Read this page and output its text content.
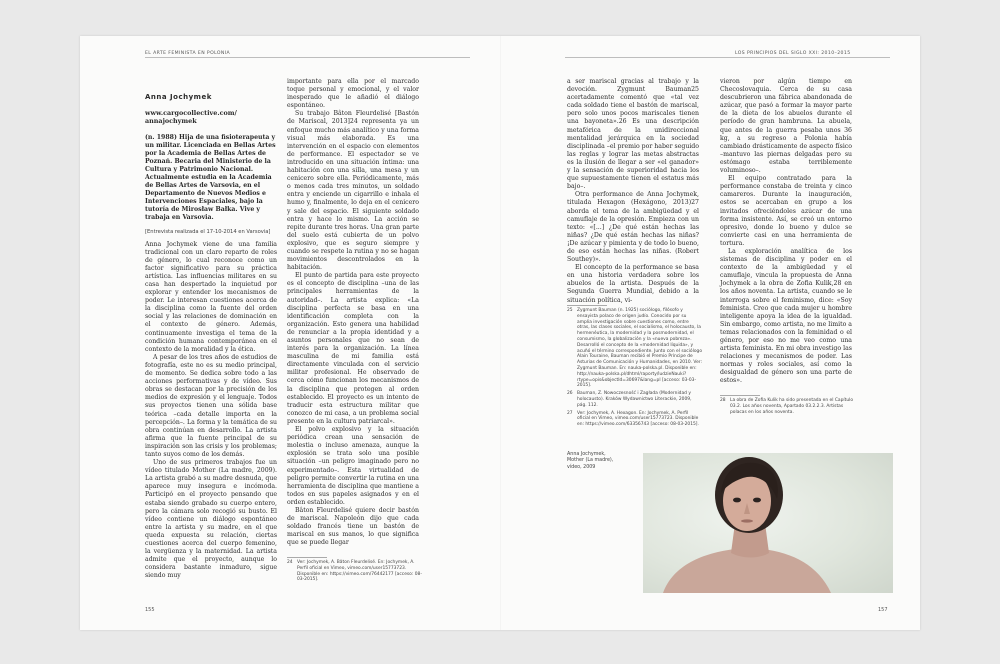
EL ARTE FEMINISTA EN POLONIA	LOS PRINCIPIOS DEL SIGLO XXI: 2010–2015
Anna Jochymek
www.cargocollective.com/
annajochymek
(n. 1988) Hija de una fisioterapeuta y un militar. Licenciada en Bellas Artes por la Academia de Bellas Artes de Poznań. Becaria del Ministerio de la Cultura y Patrimonio Nacional. Actualmente estudia en la Academia de Bellas Artes de Varsovia, en el Departamento de Nuevos Medios e Intervenciones Espaciales, bajo la tutoría de Mirosław Bałka. Vive y trabaja en Varsovia.
[Entrevista realizada el 17-10-2014 en Varsovia]

Anna Jochymek viene de una familia tradicional con un claro reparto de roles de género, lo cual reconoce como un factor significativo para su práctica artística. Las influencias militares en su casa han despertado la inquietud por explorar y entender los mecanismos de poder. Le interesan cuestiones acerca de la disciplina como la fuente del orden social y las relaciones de dominación en el contexto de género. Además, continuamente investiga el tema de la condición humana contemporánea en el contexto de la moralidad y la ética.

A pesar de los tres años de estudios de fotografía, este no es su medio principal, de momento. Se dedica sobre todo a las acciones performativas y de vídeo. Sus obras se destacan por la precisión de los medios de expresión y el lenguaje. Todos sus proyectos tienen una sólida base teórica –cada detalle importa en la percepción–. La forma y la temática de su obra continúan en desarrollo. La artista afirma que la fuente principal de su inspiración son las crisis y los problemas; tanto suyos como de los demás.

Uno de sus primeros trabajos fue un vídeo titulado Mother (La madre, 2009). La artista grabó a su madre desnuda, que aparece muy insegura e incómoda. Participó en el proyecto pensando que estaba siendo grabado su cuerpo entero, pero la cámara solo recogió su busto. El vídeo contiene un diálogo espontáneo entre la artista y su madre, en el que queda expuesta su relación, ciertas cuestiones acerca del cuerpo femenino, la vergüenza y la maternidad. La artista admite que el proyecto, aunque lo considera bastante inmaduro, sigue siendo muy

importante para ella por el marcado toque personal y emocional, y el valor inesperado que le añadió el diálogo espontáneo.

Su trabajo Bâton Fleurdelisé [Bastón de Mariscal, 2013]24 representa ya un enfoque mucho más analítico y una forma visual más elaborada. Es una intervención en el espacio con elementos de performance. El espectador se ve introducido en una situación íntima: una habitación con una silla, una mesa y un cenicero sobre ella. Periódicamente, más o menos cada tres minutos, un soldado entra y enciende un cigarrillo e inhala el humo y, finalmente, lo deja en el cenicero y sale del espacio. El siguiente soldado entra y hace lo mismo. La acción se repite durante tres horas. Una gran parte del suelo está cubierta de un polvo explosivo, que es seguro siempre y cuando se respete la rutina y no se hagan movimientos descontrolados en la habitación.

El punto de partida para este proyecto es el concepto de disciplina –una de las principales herramientas de la autoridad–. La artista explica: «La disciplina perfecta se basa en una identificación completa con la organización. Esto genera una habilidad de renunciar a la propia identidad y a asuntos personales que no sean de interés para la organización. La línea masculina de mi familia está directamente vinculada con el servicio militar profesional. He observado de cerca cómo funcionan los mecanismos de la disciplina que protegen al orden establecido. El proyecto es un intento de traducir esta estructura militar que conozco de mi casa, a un problema social presente en la cultura patriarcal».

El polvo explosivo y la situación periódica crean una sensación de molestia o incluso amenaza, aunque la explosión se trata solo una posible situación –un peligro imaginado pero no experimentado–. Esta virtualidad de peligro permite convertir la rutina en una herramienta de disciplina que mantiene a todos en sus papeles asignados y en el orden establecido.

Bâton Fleurdelisé quiere decir bastón de mariscal. Napoleón dijo que cada soldado francés tiene un bastón de mariscal en sus manos, lo que significa que se puede llegar

24	Ver: Jochymek, A. Bâton Fleurdelisé. En: Jochymek, A. Perfil oficial en Vimeo, vimeo.com/user15773723. Disponible en: https://vimeo.com/76442177 [acceso: 08-03-2015].

a ser mariscal gracias al trabajo y la devoción. Zygmunt Bauman25 acertadamente comentó que «tal vez cada soldado tiene el bastón de mariscal, pero solo unos pocos mariscales tienen una bayoneta».26 Es una descripción metafórica de la unidireccional mentalidad jerárquica en la sociedad disciplinada –el premio por haber seguido las reglas y lograr las metas abstractas es la ilusión de llegar a ser «el ganador» y la sensación de superioridad hacia los que supuestamente tienen el estatus más bajo–.

Otra performance de Anna Jochymek, titulada Hexagon (Hexágono, 2013)27 aborda el tema de la ambigüedad y el camuflaje de la opresión. Empieza con un texto: «[...] ¿De qué están hechas las niñas? ¿De qué están hechas las niñas? ¡De azúcar y pimienta y de todo lo bueno, de eso están hechas las niñas. (Robert Southey)».

El concepto de la performance se basa en una historia verdadera sobre los abuelos de la artista. Después de la Segunda Guerra Mundial, debido a la situación política, vi-

25	Zygmunt Bauman (n. 1925) sociólogo, filósofo y ensayista polaco de origen judío. Conocido por su amplia investigación sobre cuestiones como, entre otras, las clases sociales, el socialismo, el holocausto, la hermenéutica, la modernidad y la posmodernidad, el consumismo, la globalización y la «nueva pobreza». Desarrolló el concepto de la «modernidad líquida», y acuñó el término correspondiente. Junto con el sociólogo Alain Touraine, Bauman recibió el Premio Príncipe de Asturias de Comunicación y Humanidades, en 2010. Ver: Zygmunt Bauman. En: nauka-polska.pl. Disponible en: http://nauka-polska.pl/dhtml/raporty/ludzieNauki?rtype=opis&objectId=30697&lang=pl [acceso: 03-03-2015].
26	Bauman, Z. Nowoczesność i Zagłada (Modernidad y holocausto). Kraków Wydawnictwo Literackie, 2009, pág. 112.
27	Ver: Jochymek, A. Hexagon. En: Jochymek, A. Perfil oficial en Vimeo, vimeo.com/user15773723. Disponible en: https://vimeo.com/63356743 [acceso: 08-03-2015].

vieron por algún tiempo en Checoslovaquia. Cerca de su casa descubrieron una fábrica abandonada de azúcar, que pasó a formar la mayor parte de la dieta de los abuelos durante el período de gran hambruna. La abuela, que antes de la guerra pesaba unos 36 kg, a su regreso a Polonia había cambiado drásticamente de aspecto físico –mantuvo las piernas delgadas pero su estómago estaba terriblemente voluminoso–.

El equipo contratado para la performance constaba de treinta y cinco camareros. Durante la inauguración, estos se acercaban en grupo a los invitados ofreciéndoles azúcar de una forma insistente. Así, se creó un entorno opresivo, donde lo bueno y dulce se convierte casi en una herramienta de tortura.

La exploración analítica de los sistemas de disciplina y poder en el contexto de la ambigüedad y el camuflaje, vincula la propuesta de Anna Jochymek a la obra de Zofia Kulik,28 en los años noventa. La artista, cuando se le interroga sobre el feminismo, dice: «Soy feminista. Creo que cada mujer u hombre inteligente apoya la idea de la igualdad. Sin embargo, como artista, no me limito a temas relacionados con la feminidad o el género, por eso no me veo como una artista feminista. En mi obra investigo las relaciones y mecanismos de poder. Las normas y roles sociales, así como la desigualdad de género son una parte de estos».

28	La obra de Zofia Kulik ha sido presentada en el Capítulo 03.2. Los años noventa, Apartado 03.2.2.3. Artistas polacas en los años noventa.
Anna Jochymek, Mother (La madre), vídeo, 2009
155	157
